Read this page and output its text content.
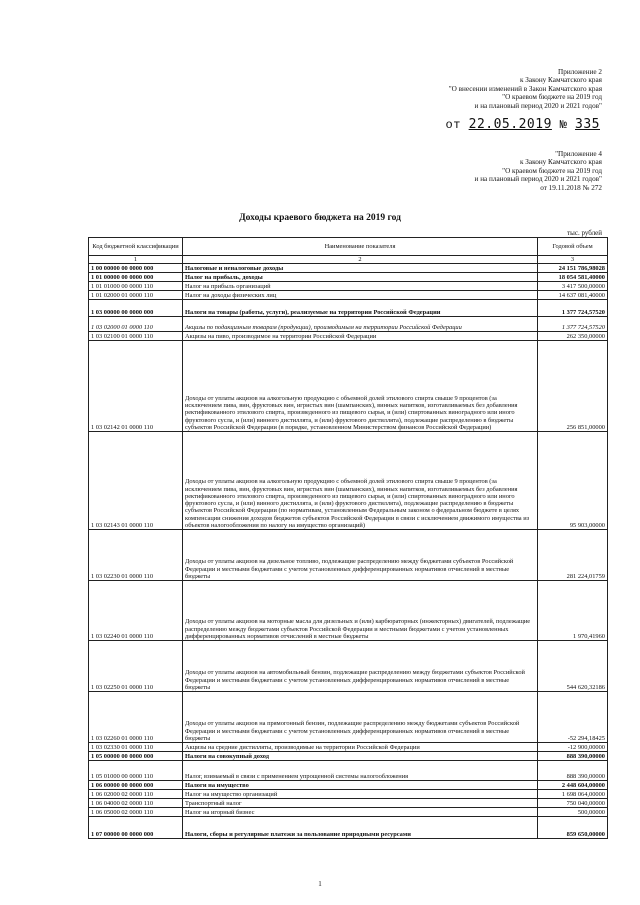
Приложение 2
к Закону Камчатского края
"О внесении изменений в Закон Камчатского края
"О краевом бюджете на 2019 год
и на плановый период 2020 и 2021 годов"
от 22.05.2019 № 335
"Приложение 4
к Закону Камчатского края
"О краевом бюджете на 2019 год
и на плановый период 2020 и 2021 годов"
от 19.11.2018 № 272
Доходы краевого бюджета на 2019 год
тыс. рублей
Код бюджетной классификации	Наименование показателя	Годовой объем
1	2	3
1 00 00000 00 0000 000	Налоговые и неналоговые доходы	24 151 786,98028
1 01 00000 00 0000 000	Налог на прибыль, доходы	18 054 581,40000
1 01 01000 00 0000 110	Налог на прибыль организаций	3 417 500,00000
1 01 02000 01 0000 110	Налог на доходы физических лиц	14 637 081,40000
1 03 00000 00 0000 000	Налоги на товары (работы, услуги), реализуемые на территории Российской Федерации	1 377 724,57520
1 03 02000 01 0000 110	Акцизы по подакцизным товарам (продукции), производимым на территории Российской Федерации	1 377 724,57520
1 03 02100 01 0000 110	Акцизы на пиво, производимое на территории Российской Федерации	262 350,00000
1 03 02142 01 0000 110	Доходы от уплаты акцизов на алкогольную продукцию с объемной долей этилового спирта свыше 9 процентов (за исключением пива, вин, фруктовых вин, игристых вин (шампанских), винных напитков, изготавливаемых без добавления ректификованного этилового спирта, произведенного из пищевого сырья, и (или) спиртованных виноградного или иного фруктового сусла, и (или) винного дистиллята, и (или) фруктового дистиллята), подлежащие распределению в бюджеты субъектов Российской Федерации (в порядке, установленном Министерством финансов Российской Федерации)	256 851,00000
1 03 02143 01 0000 110	Доходы от уплаты акцизов на алкогольную продукцию с объемной долей этилового спирта свыше 9 процентов (за исключением пива, вин, фруктовых вин, игристых вин (шампанских), винных напитков, изготавливаемых без добавления ректификованного этилового спирта, произведенного из пищевого сырья, и (или) спиртованных виноградного или иного фруктового сусла, и (или) винного дистиллята, и (или) фруктового дистиллята), подлежащие распределению в бюджеты субъектов Российской Федерации (по нормативам, установленным Федеральным законом о федеральном бюджете в целях компенсации снижения доходов бюджетов субъектов Российской Федерации в связи с исключением движимого имущества из объектов налогообложения по налогу на имущество организаций)	95 903,00000
1 03 02230 01 0000 110	Доходы от уплаты акцизов на дизельное топливо, подлежащие распределению между бюджетами субъектов Российской Федерации и местными бюджетами с учетом установленных дифференцированных нормативов отчислений в местные бюджеты	281 224,01759
1 03 02240 01 0000 110	Доходы от уплаты акцизов на моторные масла для дизельных и (или) карбюраторных (инжекторных) двигателей, подлежащие распределению между бюджетами субъектов Российской Федерации и местными бюджетами с учетом установленных дифференцированных нормативов отчислений в местные бюджеты	1 970,41960
1 03 02250 01 0000 110	Доходы от уплаты акцизов на автомобильный бензин, подлежащие распределению между бюджетами субъектов Российской Федерации и местными бюджетами с учетом установленных дифференцированных нормативов отчислений в местные бюджеты	544 620,32186
1 03 02260 01 0000 110	Доходы от уплаты акцизов на прямогонный бензин, подлежащие распределению между бюджетами субъектов Российской Федерации и местными бюджетами с учетом установленных дифференцированных нормативов отчислений в местные бюджеты	-52 294,18425
1 03 02330 01 0000 110	Акцизы на средние дистилляты, производимые на территории Российской Федерации	-12 900,00000
1 05 00000 00 0000 000	Налоги на совокупный доход	888 390,00000
1 05 01000 00 0000 110	Налог, взимаемый в связи с применением упрощенной системы налогообложения	888 390,00000
1 06 00000 00 0000 000	Налоги на имущество	2 448 604,00000
1 06 02000 02 0000 110	Налог на имущество организаций	1 698 064,00000
1 06 04000 02 0000 110	Транспортный налог	750 040,00000
1 06 05000 02 0000 110	Налог на игорный бизнес	500,00000
1 07 00000 00 0000 000	Налоги, сборы и регулярные платежи за пользование природными ресурсами	859 650,00000
1
